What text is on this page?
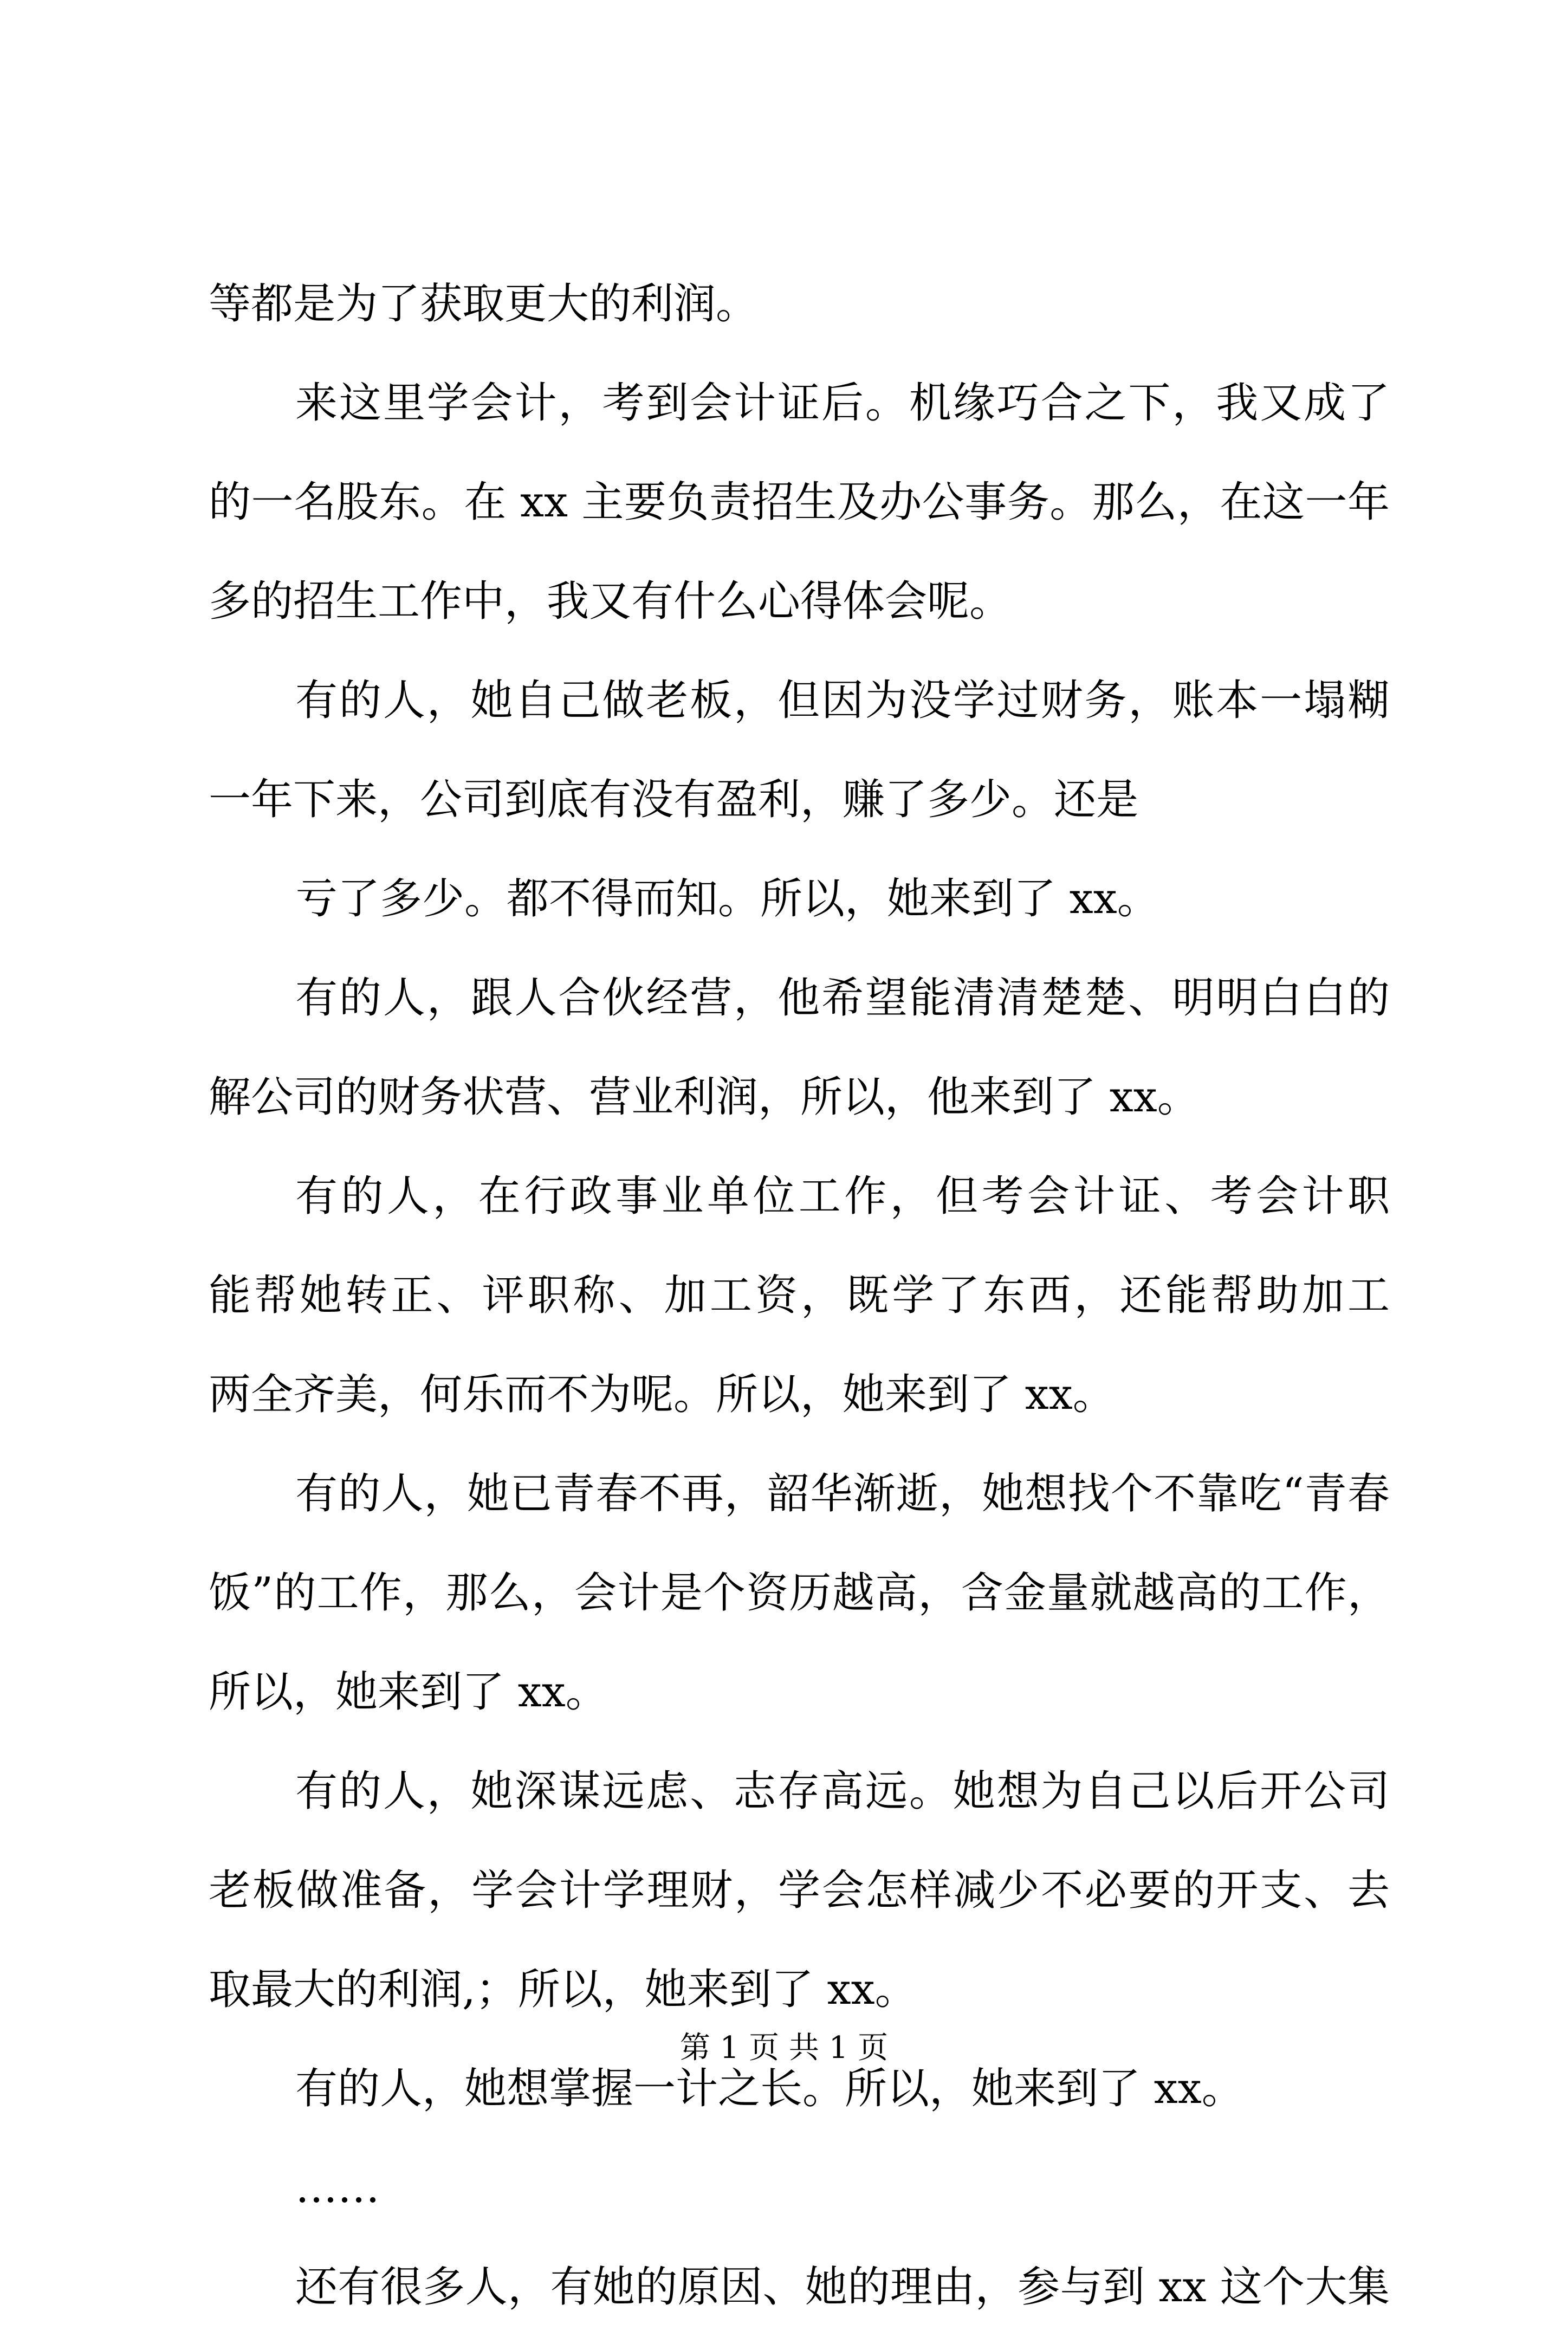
等都是为了获取更大的利润。
来这里学会计，考到会计证后。机缘巧合之下，我又成了
的一名股东。在 xx 主要负责招生及办公事务。那么，在这一年
多的招生工作中，我又有什么心得体会呢。
有的人，她自己做老板，但因为没学过财务，账本一塌糊
一年下来，公司到底有没有盈利，赚了多少。还是
亏了多少。都不得而知。所以，她来到了 xx。
有的人，跟人合伙经营，他希望能清清楚楚、明明白白的
解公司的财务状营、营业利润，所以，他来到了 xx。
有的人，在行政事业单位工作，但考会计证、考会计职
能帮她转正、评职称、加工资，既学了东西，还能帮助加工
两全齐美，何乐而不为呢。所以，她来到了 xx。
有的人，她已青春不再，韶华渐逝，她想找个不靠吃“青春
饭”的工作，那么，会计是个资历越高，含金量就越高的工作，
所以，她来到了 xx。
有的人，她深谋远虑、志存高远。她想为自己以后开公司
老板做准备，学会计学理财，学会怎样减少不必要的开支、去
取最大的利润,；所以，她来到了 xx。
有的人，她想掌握一计之长。所以，她来到了 xx。
……
还有很多人，有她的原因、她的理由，参与到 xx 这个大集
第 1 页 共 1 页
